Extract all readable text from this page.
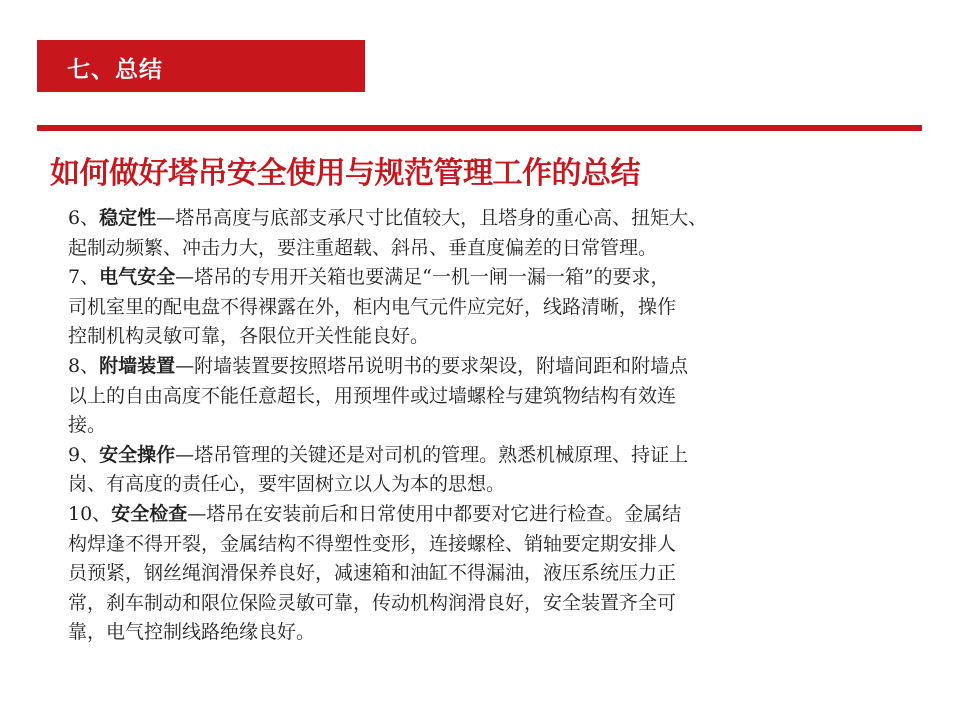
七、总结
如何做好塔吊安全使用与规范管理工作的总结
6、稳定性—塔吊高度与底部支承尺寸比值较大，且塔身的重心高、扭矩大、
起制动频繁、冲击力大，要注重超载、斜吊、垂直度偏差的日常管理。
7、电气安全—塔吊的专用开关箱也要满足“一机一闸一漏一箱”的要求，
司机室里的配电盘不得裸露在外，柜内电气元件应完好，线路清晰，操作
控制机构灵敏可靠，各限位开关性能良好。
8、附墙装置—附墙装置要按照塔吊说明书的要求架设，附墙间距和附墙点
以上的自由高度不能任意超长，用预埋件或过墙螺栓与建筑物结构有效连
接。
9、安全操作—塔吊管理的关键还是对司机的管理。熟悉机械原理、持证上
岗、有高度的责任心，要牢固树立以人为本的思想。
10、安全检查—塔吊在安装前后和日常使用中都要对它进行检查。金属结
构焊逢不得开裂，金属结构不得塑性变形，连接螺栓、销轴要定期安排人
员预紧，钢丝绳润滑保养良好，减速箱和油缸不得漏油，液压系统压力正
常，刹车制动和限位保险灵敏可靠，传动机构润滑良好，安全装置齐全可
靠，电气控制线路绝缘良好。
